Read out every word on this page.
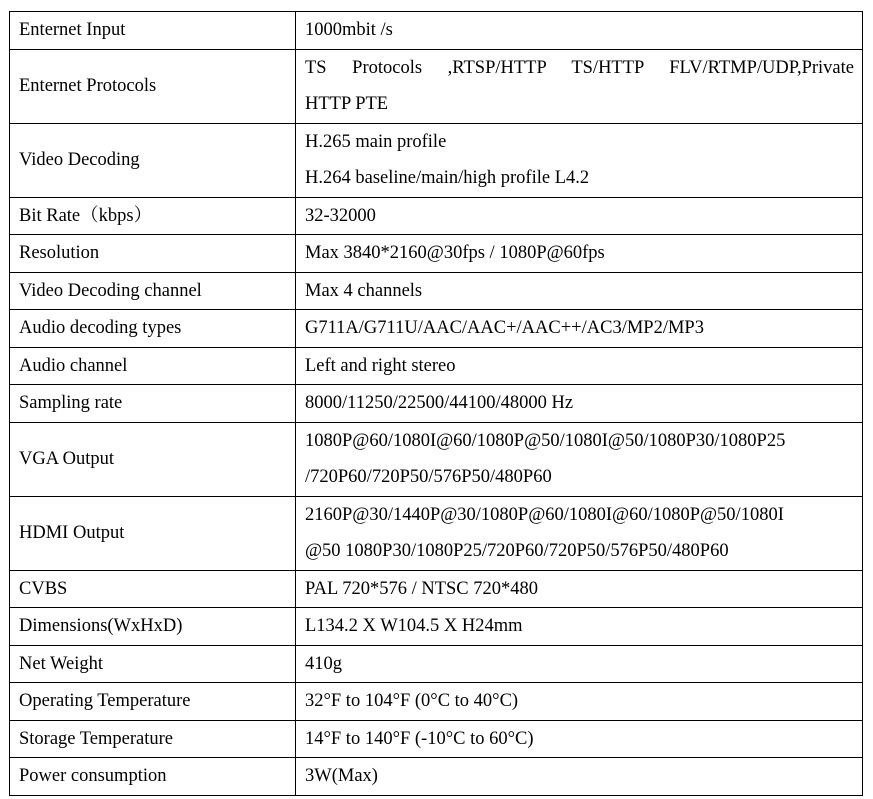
Enternet Input	1000mbit /s

Enternet Protocols	TS Protocols ,RTSP/HTTP TS/HTTP FLV/RTMP/UDP,Private
HTTP PTE

Video Decoding	H.265 main profile
H.264 baseline/main/high profile L4.2

Bit Rate（kbps）	32-32000

Resolution	Max 3840*2160@30fps / 1080P@60fps

Video Decoding channel	Max 4 channels

Audio decoding types	G711A/G711U/AAC/AAC+/AAC++/AC3/MP2/MP3

Audio channel	Left and right stereo

Sampling rate	8000/11250/22500/44100/48000 Hz

VGA Output	1080P@60/1080I@60/1080P@50/1080I@50/1080P30/1080P25
/720P60/720P50/576P50/480P60

HDMI Output	2160P@30/1440P@30/1080P@60/1080I@60/1080P@50/1080I
@50 1080P30/1080P25/720P60/720P50/576P50/480P60

CVBS	PAL 720*576 / NTSC 720*480

Dimensions(WxHxD)	L134.2 X W104.5 X H24mm

Net Weight	410g

Operating Temperature	32°F to 104°F (0°C to 40°C)

Storage Temperature	14°F to 140°F (-10°C to 60°C)

Power consumption	3W(Max)
